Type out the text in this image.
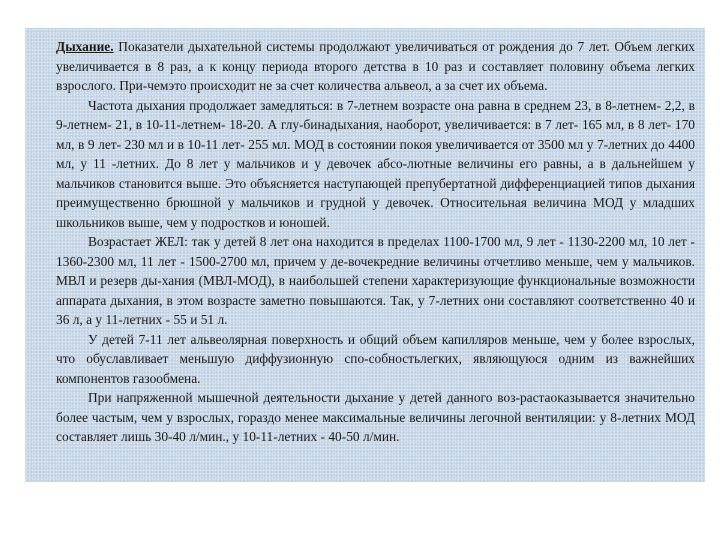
Дыхание. Показатели дыхательной системы продолжают увеличиваться от рождения до 7 лет. Объем легких увеличивается в 8 раз, а к концу периода второго детства в 10 раз и составляет половину объема легких взрослого. При-чемэто происходит не за счет количества альвеол, а за счет их объема.

Частота дыхания продолжает замедляться: в 7-летнем возрасте она равна в среднем 23, в 8-летнем- 2,2, в 9-летнем- 21, в 10-11-летнем- 18-20. А глу-бинадыхания, наоборот, увеличивается: в 7 лет- 165 мл, в 8 лет- 170 мл, в 9 лет- 230 мл и в 10-11 лет- 255 мл. МОД в состоянии покоя увеличивается от 3500 мл у 7-летних до 4400 мл, у 11 -летних. До 8 лет у мальчиков и у девочек абсо-лютные величины его равны, а в дальнейшем у мальчиков становится выше. Это объясняется наступающей препубертатной дифференциацией типов дыхания преимущественно брюшной у мальчиков и грудной у девочек. Относительная величина МОД у младших школьников выше, чем у подростков и юношей.

Возрастает ЖЕЛ: так у детей 8 лет она находится в пределах 1100-1700 мл, 9 лет - 1130-2200 мл, 10 лет - 1360-2300 мл, 11 лет - 1500-2700 мл, причем у де-вочекредние величины отчетливо меньше, чем у мальчиков. МВЛ и резерв ды-хания (МВЛ-МОД), в наибольшей степени характеризующие функциональные возможности аппарата дыхания, в этом возрасте заметно повышаются. Так, у 7-летних они составляют соответственно 40 и 36 л, а у 11-летних - 55 и 51 л.

У детей 7-11 лет альвеолярная поверхность и общий объем капилляров меньше, чем у более взрослых, что обуславливает меньшую диффузионную спо-собностьлегких, являющуюся одним из важнейших компонентов газообмена.

При напряженной мышечной деятельности дыхание у детей данного воз-растаоказывается значительно более частым, чем у взрослых, гораздо менее максимальные величины легочной вентиляции: у 8-летних МОД составляет лишь 30-40 л/мин., у 10-11-летних - 40-50 л/мин.
